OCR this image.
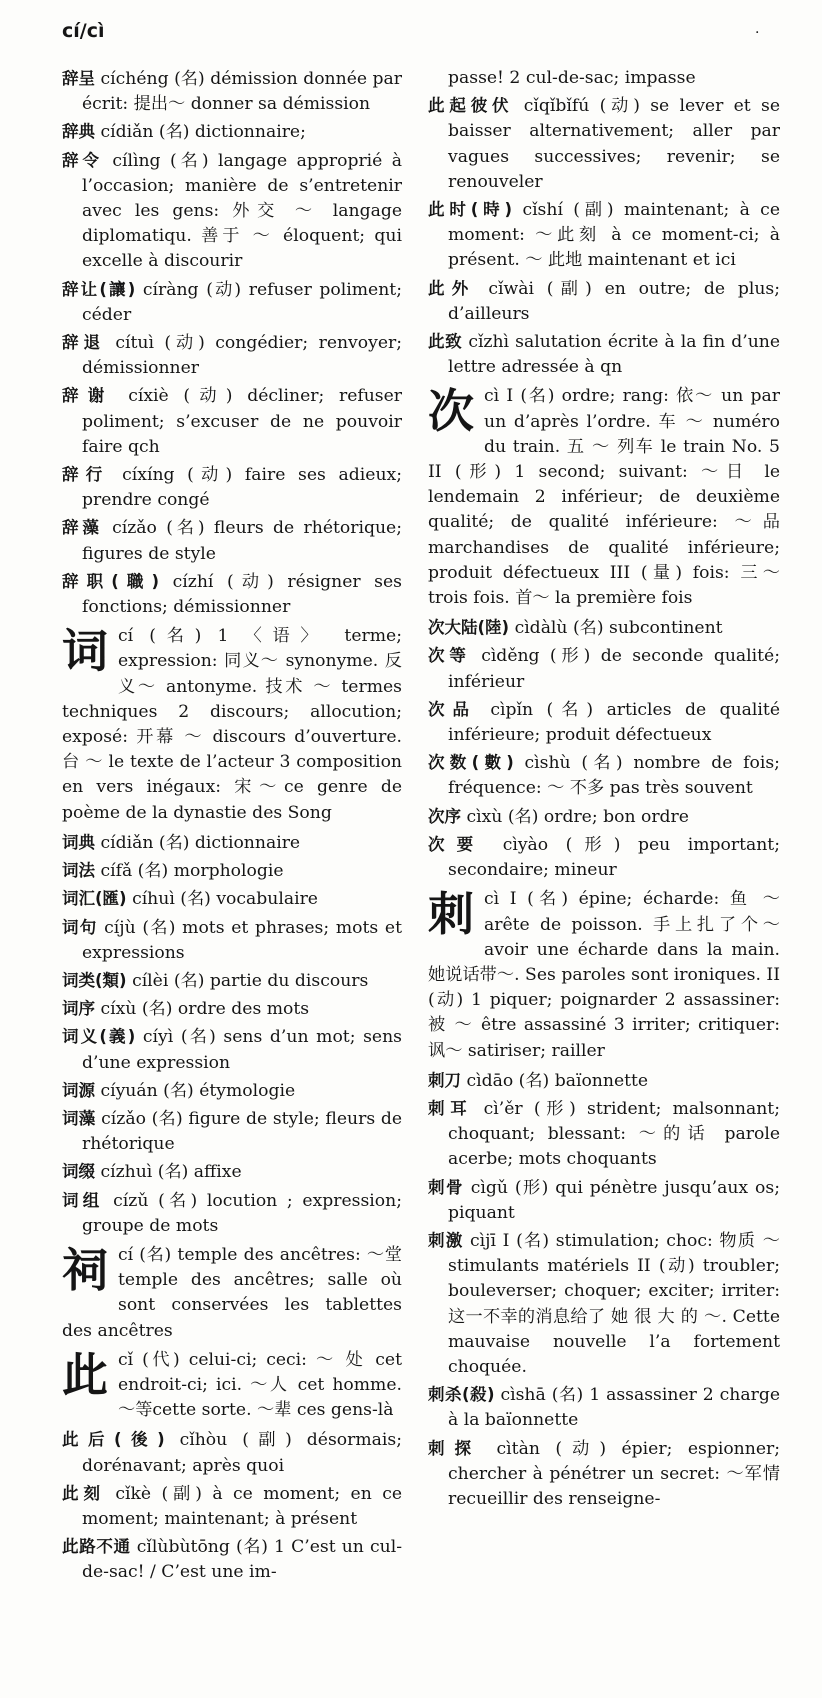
cí/cì	·

辞呈 cíchéng (名) démission donnée par écrit: 提出～ donner sa démission

辞典 cídiǎn (名) dictionnaire;

辞令 cílìng (名) langage approprié à l’occasion; manière de s’entretenir avec les gens: 外交 ～ langage diplomatiqu. 善于 ～ éloquent; qui excelle à discourir

辞让(讓) círàng (动) refuser poliment; céder

辞退 cítuì (动) congédier; renvoyer; démissionner

辞谢 cíxiè (动) décliner; refuser poliment; s’excuser de ne pouvoir faire qch

辞行 cíxíng (动) faire ses adieux; prendre congé

辞藻 cízǎo (名) fleurs de rhétorique; figures de style

辞职(職) cízhí (动) résigner ses fonctions; démissionner

词 cí (名) 1 〈语〉 terme; expression: 同义～ synonyme. 反义～ antonyme. 技术 ～ termes techniques 2 discours; allocution; exposé: 开幕 ～ discours d’ouverture. 台 ～ le texte de l’acteur 3 composition en vers inégaux: 宋～ce genre de poème de la dynastie des Song

词典 cídiǎn (名) dictionnaire

词法 cífǎ (名) morphologie

词汇(匯) cíhuì (名) vocabulaire

词句 cíjù (名) mots et phrases; mots et expressions

词类(類) cílèi (名) partie du discours

词序 cíxù (名) ordre des mots

词义(義) cíyì (名) sens d’un mot; sens d’une expression

词源 cíyuán (名) étymologie

词藻 cízǎo (名) figure de style; fleurs de rhétorique

词缀 cízhuì (名) affixe

词组 cízǔ (名) locution ; expression; groupe de mots

祠 cí (名) temple des ancêtres: ～堂 temple des ancêtres; salle où sont conservées les tablettes des ancêtres
此 cǐ (代) celui-ci; ceci: ～ 处 cet endroit-ci; ici. ～人 cet homme. ～等cette sorte. ～辈 ces gens-là

此后(後) cǐhòu (副) désormais; dorénavant; après quoi

此刻 cǐkè (副) à ce moment; en ce moment; maintenant; à présent

此路不通 cǐlùbùtōng (名) 1 C’est un cul-de-sac! / C’est une im-

passe! 2 cul-de-sac; impasse

此起彼伏 cǐqǐbǐfú (动) se lever et se baisser alternativement; aller par vagues successives; revenir; se renouveler

此时(時) cǐshí (副) maintenant; à ce moment: ～此刻 à ce moment-ci; à présent. ～ 此地 maintenant et ici

此外 cǐwài (副) en outre; de plus; d’ailleurs

此致 cǐzhì salutation écrite à la fin d’une lettre adressée à qn

次 cì I (名) ordre; rang: 依～ un par un d’après l’ordre. 车 ～ numéro du train. 五 ～ 列车 le train No. 5 II (形) 1 second; suivant: ～日 le lendemain 2 inférieur; de deuxième qualité; de qualité inférieure: ～品 marchandises de qualité inférieure; produit défectueux III (量) fois: 三～ trois fois. 首～ la première fois

次大陆(陸) cìdàlù (名) subcontinent

次等 cìděng (形) de seconde qualité; inférieur

次品 cìpǐn (名) articles de qualité inférieure; produit défectueux

次数(數) cìshù (名) nombre de fois; fréquence: ～ 不多 pas très souvent

次序 cìxù (名) ordre; bon ordre

次要 cìyào (形) peu important; secondaire; mineur

刺 cì I (名) épine; écharde: 鱼 ～ arête de poisson. 手上扎了个～ avoir une écharde dans la main. 她说话带～. Ses paroles sont ironiques. II (动) 1 piquer; poignarder 2 assassiner: 被 ～ être assassiné 3 irriter; critiquer: 讽～ satiriser; railler

刺刀 cìdāo (名) baïonnette

刺耳 cì’ěr (形) strident; malsonnant; choquant; blessant: ～的话 parole acerbe; mots choquants

刺骨 cìgǔ (形) qui pénètre jusqu’aux os; piquant

刺激 cìjī I (名) stimulation; choc: 物质 ～ stimulants matériels II (动) troubler; bouleverser; choquer; exciter; irriter: 这一不幸的消息给了 她 很 大 的 ～. Cette mauvaise nouvelle l’a fortement choquée.

刺杀(殺) cìshā (名) 1 assassiner 2 charge à la baïonnette

刺探 cìtàn (动) épier; espionner; chercher à pénétrer un secret: ～军情 recueillir des renseigne-
